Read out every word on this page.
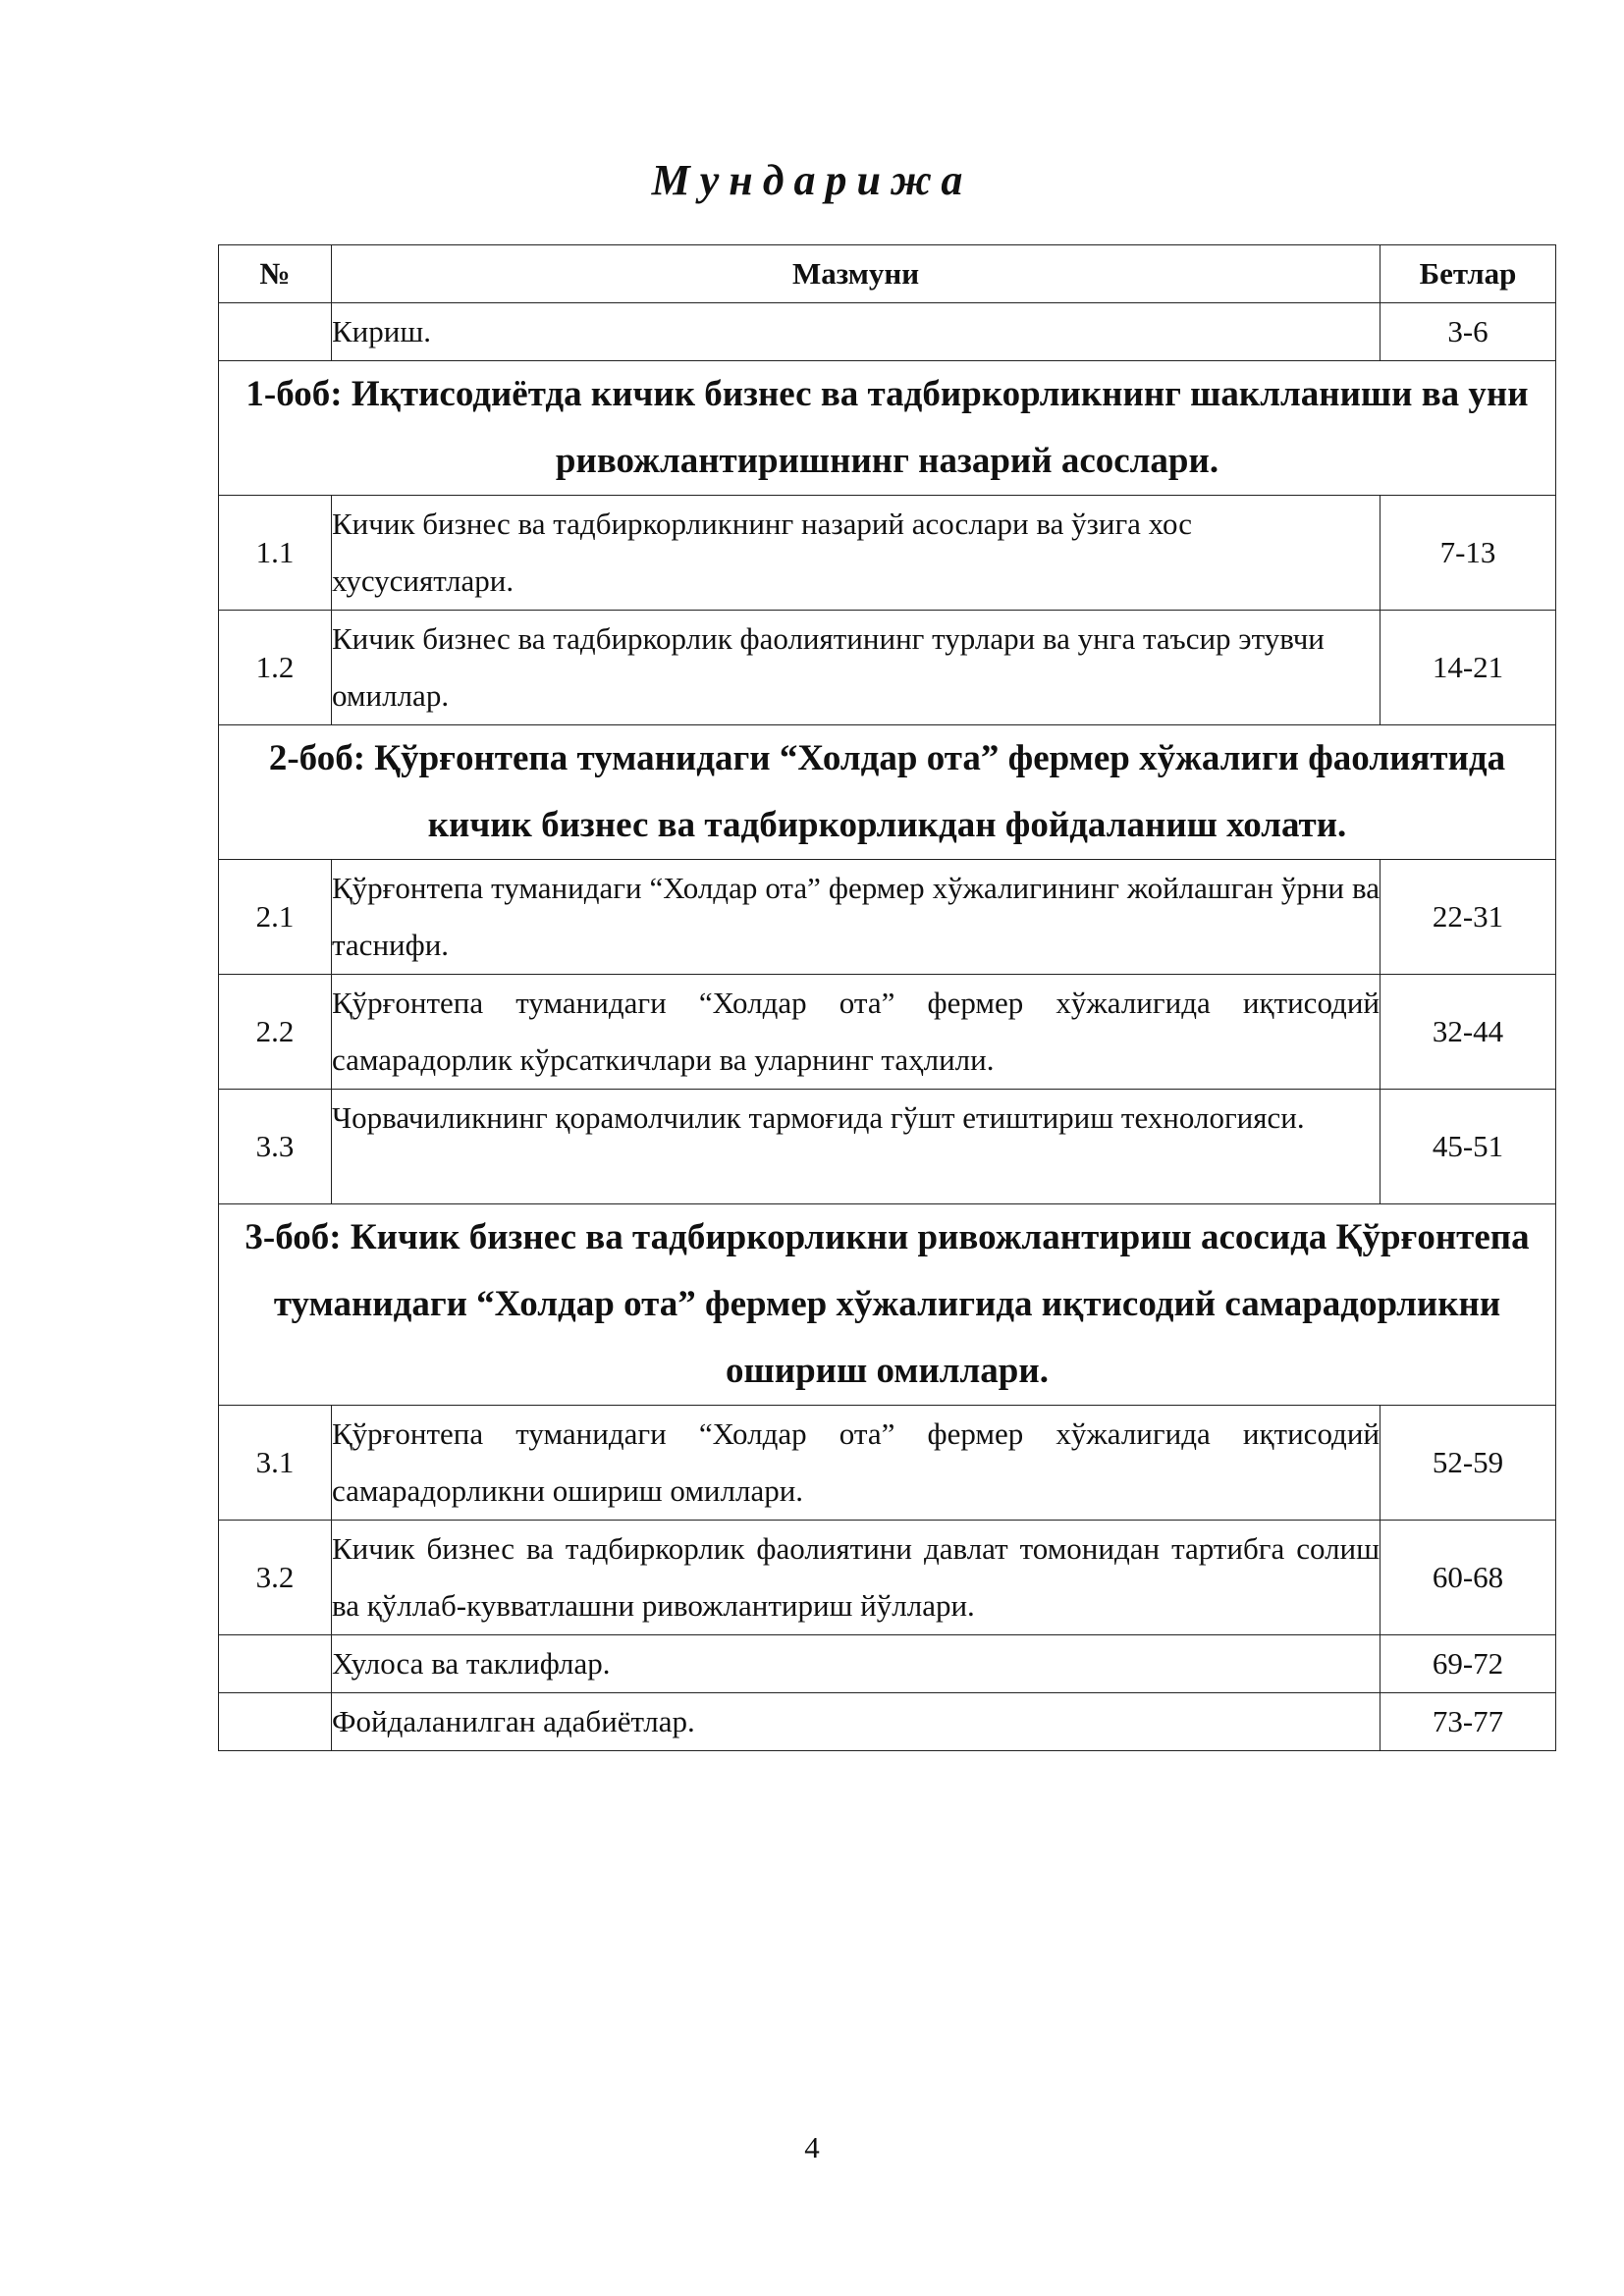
Мундарижа
№	Мазмуни	Бетлар
	Кириш.	3-6
1-боб: Иқтисодиётда кичик бизнес ва тадбиркорликнинг шаклланиши ва уни ривожлантиришнинг назарий асослари.		
1.1	Кичик бизнес ва тадбиркорликнинг назарий асослари ва ўзига хос хусусиятлари.	7-13
1.2	Кичик бизнес ва тадбиркорлик фаолиятининг турлари ва унга таъсир этувчи омиллар.	14-21
2-боб: Қўрғонтепа туманидаги “Холдар ота” фермер хўжалиги фаолиятида кичик бизнес ва тадбиркорликдан фойдаланиш холати.		
2.1	Қўрғонтепа туманидаги “Холдар ота” фермер хўжалигининг жойлашган ўрни ва таснифи.	22-31
2.2	Қўрғонтепа туманидаги “Холдар ота” фермер хўжалигида иқтисодий самарадорлик кўрсаткичлари ва уларнинг таҳлили.	32-44
3.3	Чорвачиликнинг қорамолчилик тармоғида гўшт етиштириш технологияси.	45-51
3-боб: Кичик бизнес ва тадбиркорликни ривожлантириш асосида Қўрғонтепа туманидаги “Холдар ота” фермер хўжалигида иқтисодий самарадорликни ошириш омиллари.		
3.1	Қўрғонтепа туманидаги “Холдар ота” фермер хўжалигида иқтисодий самарадорликни ошириш омиллари.	52-59
3.2	Кичик бизнес ва тадбиркорлик фаолиятини давлат томонидан тартибга солиш ва қўллаб-кувватлашни ривожлантириш йўллари.	60-68
	Хулоса ва таклифлар.	69-72
	Фойдаланилган адабиётлар.	73-77
4
